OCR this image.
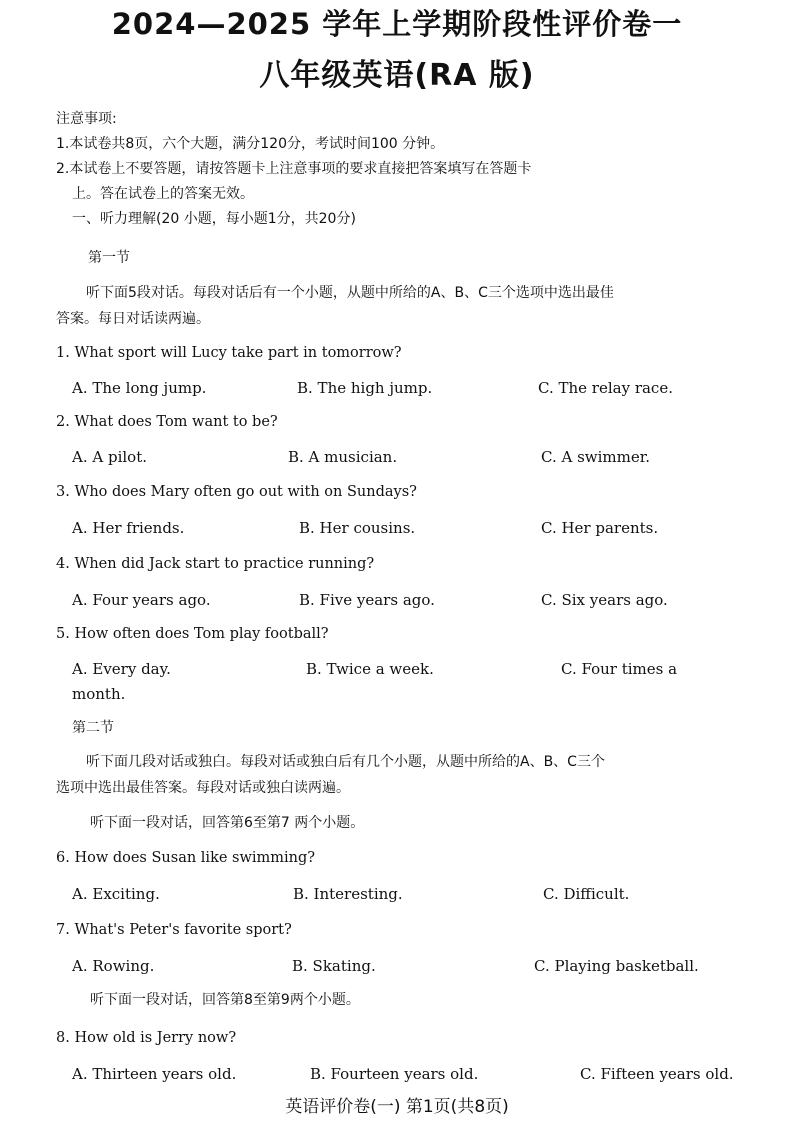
2024—2025 学年上学期阶段性评价卷一
八年级英语(RA 版)
注意事项:
1.本试卷共8页，六个大题，满分120分，考试时间100 分钟。
2.本试卷上不要答题，请按答题卡上注意事项的要求直接把答案填写在答题卡
上。答在试卷上的答案无效。
一、听力理解(20 小题，每小题1分，共20分)
第一节
听下面5段对话。每段对话后有一个小题，从题中所给的A、B、C三个选项中选出最佳
答案。每日对话读两遍。
1. What sport will Lucy take part in tomorrow?
A. The long jump.	B. The high jump.	C. The relay race.
2. What does Tom want to be?
A. A pilot.	B. A musician.	C. A swimmer.
3. Who does Mary often go out with on Sundays?
A. Her friends.	B. Her cousins.	C. Her parents.
4. When did Jack start to practice running?
A. Four years ago.	B. Five years ago.	C. Six years ago.
5. How often does Tom play football?
A. Every day.	B. Twice a week.	C. Four times a
month.
第二节
听下面几段对话或独白。每段对话或独白后有几个小题，从题中所给的A、B、C三个
选项中选出最佳答案。每段对话或独白读两遍。
听下面一段对话，回答第6至第7 两个小题。
6. How does Susan like swimming?
A. Exciting.	B. Interesting.	C. Difficult.
7. What's Peter's favorite sport?
A. Rowing.	B. Skating.	C. Playing basketball.
听下面一段对话，回答第8至第9两个小题。
8. How old is Jerry now?
A. Thirteen years old.	B. Fourteen years old.	C. Fifteen years old.
英语评价卷(一) 第1页(共8页)
